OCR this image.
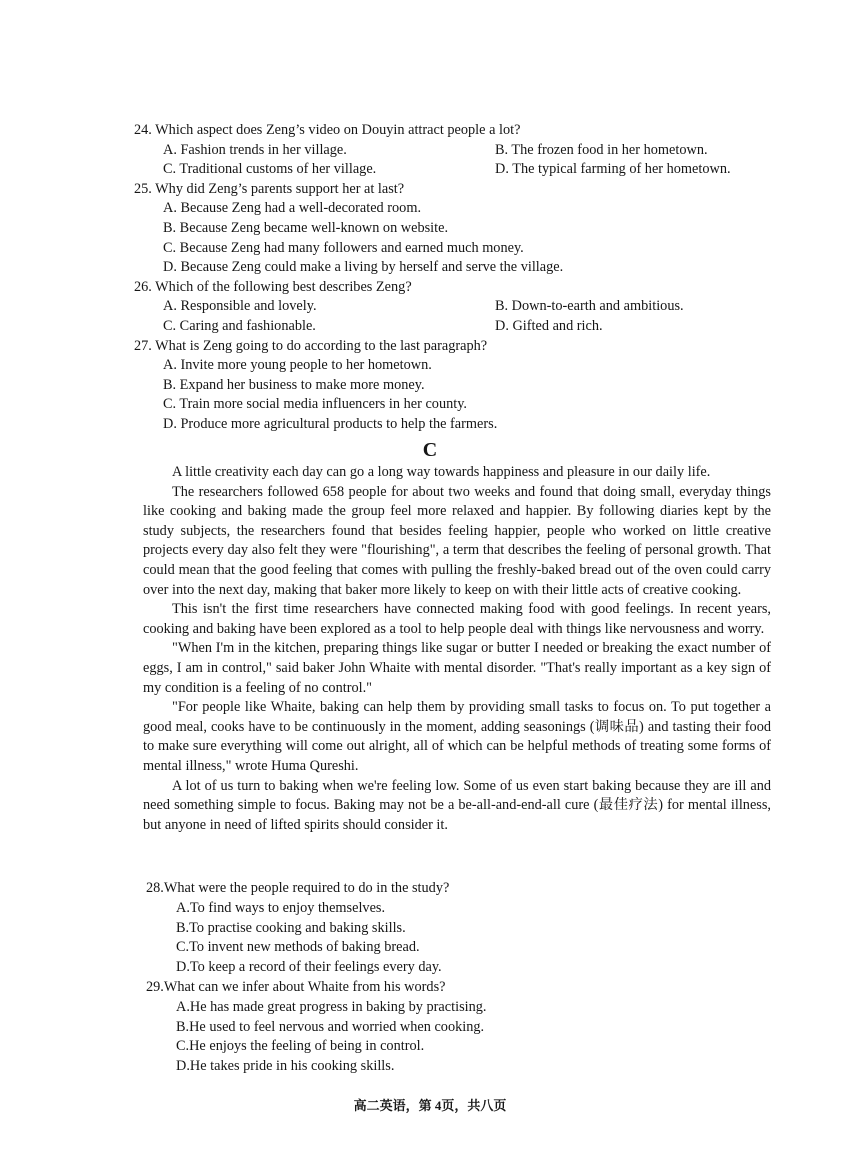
24. Which aspect does Zeng’s video on Douyin attract people a lot?
A. Fashion trends in her village.	B. The frozen food in her hometown.
C. Traditional customs of her village.	D. The typical farming of her hometown.
25. Why did Zeng’s parents support her at last?
A. Because Zeng had a well-decorated room.
B. Because Zeng became well-known on website.
C. Because Zeng had many followers and earned much money.
D. Because Zeng could make a living by herself and serve the village.
26. Which of the following best describes Zeng?
A. Responsible and lovely.	B. Down-to-earth and ambitious.
C. Caring and fashionable.	D. Gifted and rich.
27. What is Zeng going to do according to the last paragraph?
A. Invite more young people to her hometown.
B. Expand her business to make more money.
C. Train more social media influencers in her county.
D. Produce more agricultural products to help the farmers.
C

A little creativity each day can go a long way towards happiness and pleasure in our daily life.

The researchers followed 658 people for about two weeks and found that doing small, everyday things like cooking and baking made the group feel more relaxed and happier. By following diaries kept by the study subjects, the researchers found that besides feeling happier, people who worked on little creative projects every day also felt they were "flourishing", a term that describes the feeling of personal growth. That could mean that the good feeling that comes with pulling the freshly-baked bread out of the oven could carry over into the next day, making that baker more likely to keep on with their little acts of creative cooking.

This isn't the first time researchers have connected making food with good feelings. In recent years, cooking and baking have been explored as a tool to help people deal with things like nervousness and worry.

"When I'm in the kitchen, preparing things like sugar or butter I needed or breaking the exact number of eggs, I am in control," said baker John Whaite with mental disorder. "That's really important as a key sign of my condition is a feeling of no control."

"For people like Whaite, baking can help them by providing small tasks to focus on. To put together a good meal, cooks have to be continuously in the moment, adding seasonings (调味品) and tasting their food to make sure everything will come out alright, all of which can be helpful methods of treating some forms of mental illness," wrote Huma Qureshi.

A lot of us turn to baking when we're feeling low. Some of us even start baking because they are ill and need something simple to focus. Baking may not be a be-all-and-end-all cure (最佳疗法) for mental illness, but anyone in need of lifted spirits should consider it.

28.What were the people required to do in the study?
A.To find ways to enjoy themselves.
B.To practise cooking and baking skills.
C.To invent new methods of baking bread.
D.To keep a record of their feelings every day.
29.What can we infer about Whaite from his words?
A.He has made great progress in baking by practising.
B.He used to feel nervous and worried when cooking.
C.He enjoys the feeling of being in control.
D.He takes pride in his cooking skills.
高二英语，第 4页，共八页
